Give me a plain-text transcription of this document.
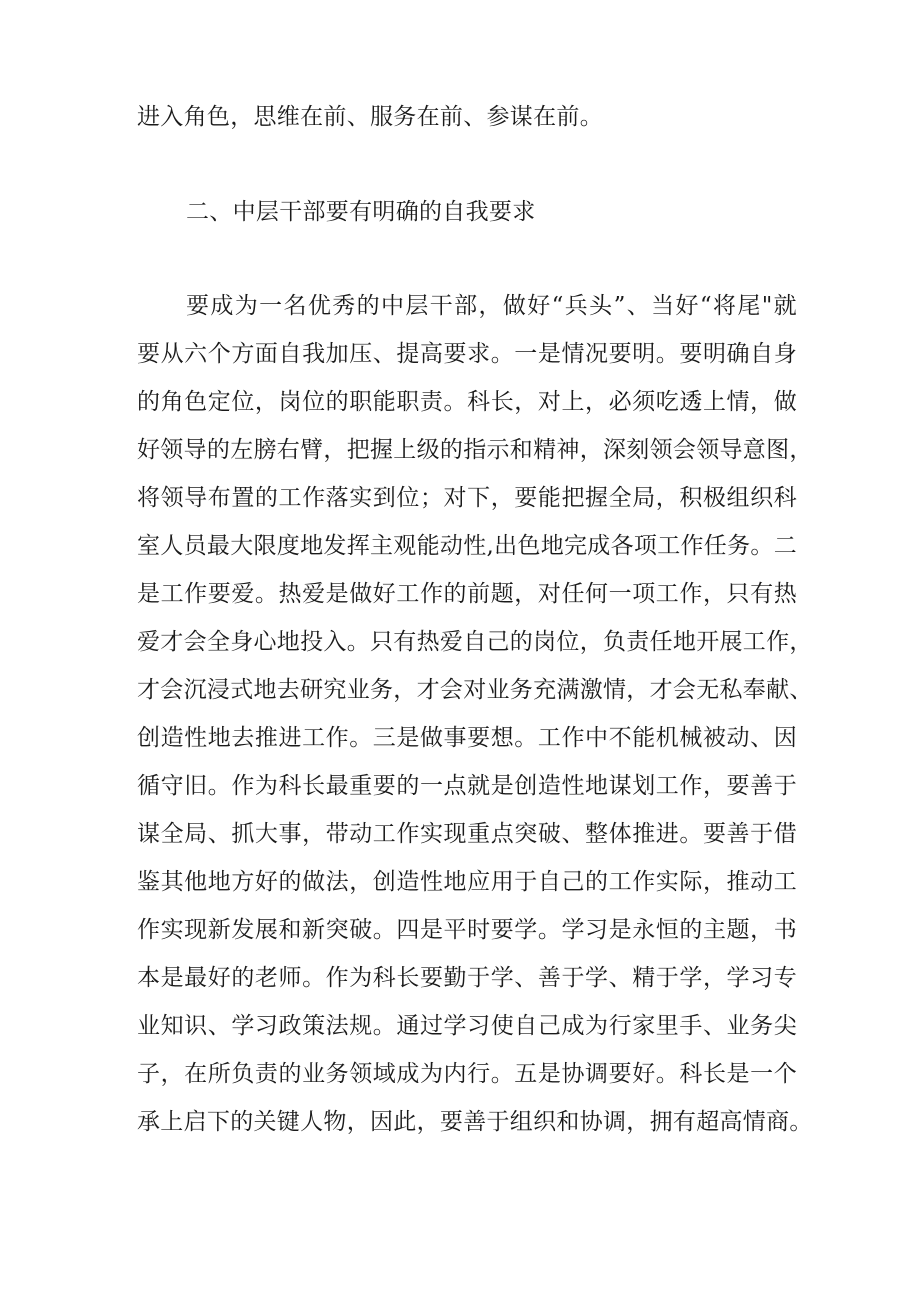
进入角色，思维在前、服务在前、参谋在前。
二、中层干部要有明确的自我要求
要成为一名优秀的中层干部，做好“兵头”、当好“将尾"就
要从六个方面自我加压、提高要求。一是情况要明。要明确自身
的角色定位，岗位的职能职责。科长，对上，必须吃透上情，做
好领导的左膀右臂，把握上级的指示和精神，深刻领会领导意图，
将领导布置的工作落实到位；对下，要能把握全局，积极组织科
室人员最大限度地发挥主观能动性,出色地完成各项工作任务。二
是工作要爱。热爱是做好工作的前题，对任何一项工作，只有热
爱才会全身心地投入。只有热爱自己的岗位，负责任地开展工作，
才会沉浸式地去研究业务，才会对业务充满激情，才会无私奉献、
创造性地去推进工作。三是做事要想。工作中不能机械被动、因
循守旧。作为科长最重要的一点就是创造性地谋划工作，要善于
谋全局、抓大事，带动工作实现重点突破、整体推进。要善于借
鉴其他地方好的做法，创造性地应用于自己的工作实际，推动工
作实现新发展和新突破。四是平时要学。学习是永恒的主题，书
本是最好的老师。作为科长要勤于学、善于学、精于学，学习专
业知识、学习政策法规。通过学习使自己成为行家里手、业务尖
子，在所负责的业务领域成为内行。五是协调要好。科长是一个
承上启下的关键人物，因此，要善于组织和协调，拥有超高情商。
